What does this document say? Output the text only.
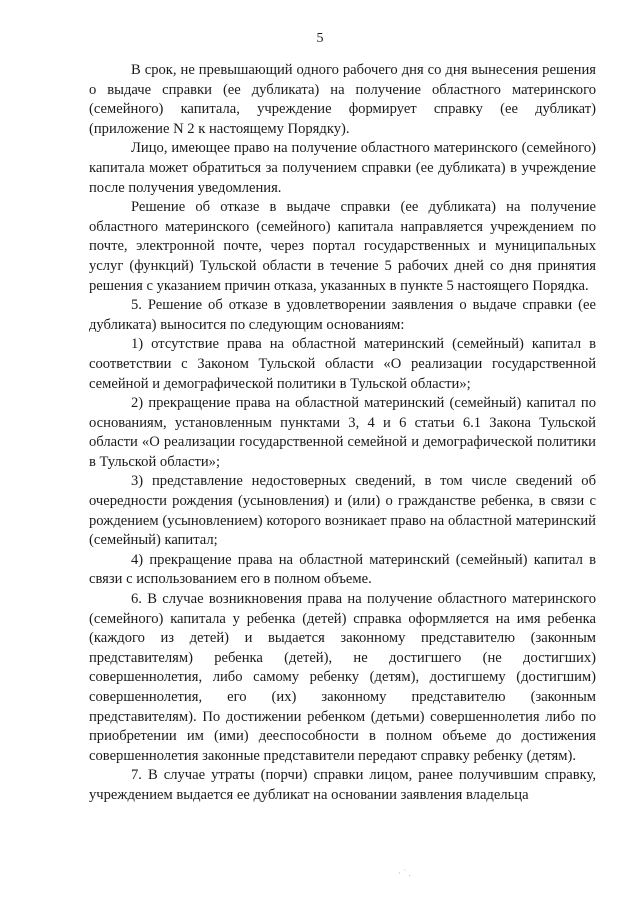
5

В срок, не превышающий одного рабочего дня со дня вынесения решения о выдаче справки (ее дубликата) на получение областного материнского (семейного) капитала, учреждение формирует справку (ее дубликат) (приложение N 2 к настоящему Порядку).

Лицо, имеющее право на получение областного материнского (семейного) капитала может обратиться за получением справки (ее дубликата) в учреждение после получения уведомления.

Решение об отказе в выдаче справки (ее дубликата) на получение областного материнского (семейного) капитала направляется учреждением по почте, электронной почте, через портал государственных и муниципальных услуг (функций) Тульской области в течение 5 рабочих дней со дня принятия решения с указанием причин отказа, указанных в пункте 5 настоящего Порядка.

5. Решение об отказе в удовлетворении заявления о выдаче справки (ее дубликата) выносится по следующим основаниям:

1) отсутствие права на областной материнский (семейный) капитал в соответствии с Законом Тульской области «О реализации государственной семейной и демографической политики в Тульской области»;

2) прекращение права на областной материнский (семейный) капитал по основаниям, установленным пунктами 3, 4 и 6 статьи 6.1 Закона Тульской области «О реализации государственной семейной и демографической политики в Тульской области»;

3) представление недостоверных сведений, в том числе сведений об очередности рождения (усыновления) и (или) о гражданстве ребенка, в связи с рождением (усыновлением) которого возникает право на областной материнский (семейный) капитал;

4) прекращение права на областной материнский (семейный) капитал в связи с использованием его в полном объеме.

6. В случае возникновения права на получение областного материнского (семейного) капитала у ребенка (детей) справка оформляется на имя ребенка (каждого из детей) и выдается законному представителю (законным представителям) ребенка (детей), не достигшего (не достигших) совершеннолетия, либо самому ребенку (детям), достигшему (достигшим) совершеннолетия, его (их) законному представителю (законным представителям). По достижении ребенком (детьми) совершеннолетия либо по приобретении им (ими) дееспособности в полном объеме до достижения совершеннолетия законные представители передают справку ребенку (детям).

7. В случае утраты (порчи) справки лицом, ранее получившим справку, учреждением выдается ее дубликат на основании заявления владельца

· ˙ .
